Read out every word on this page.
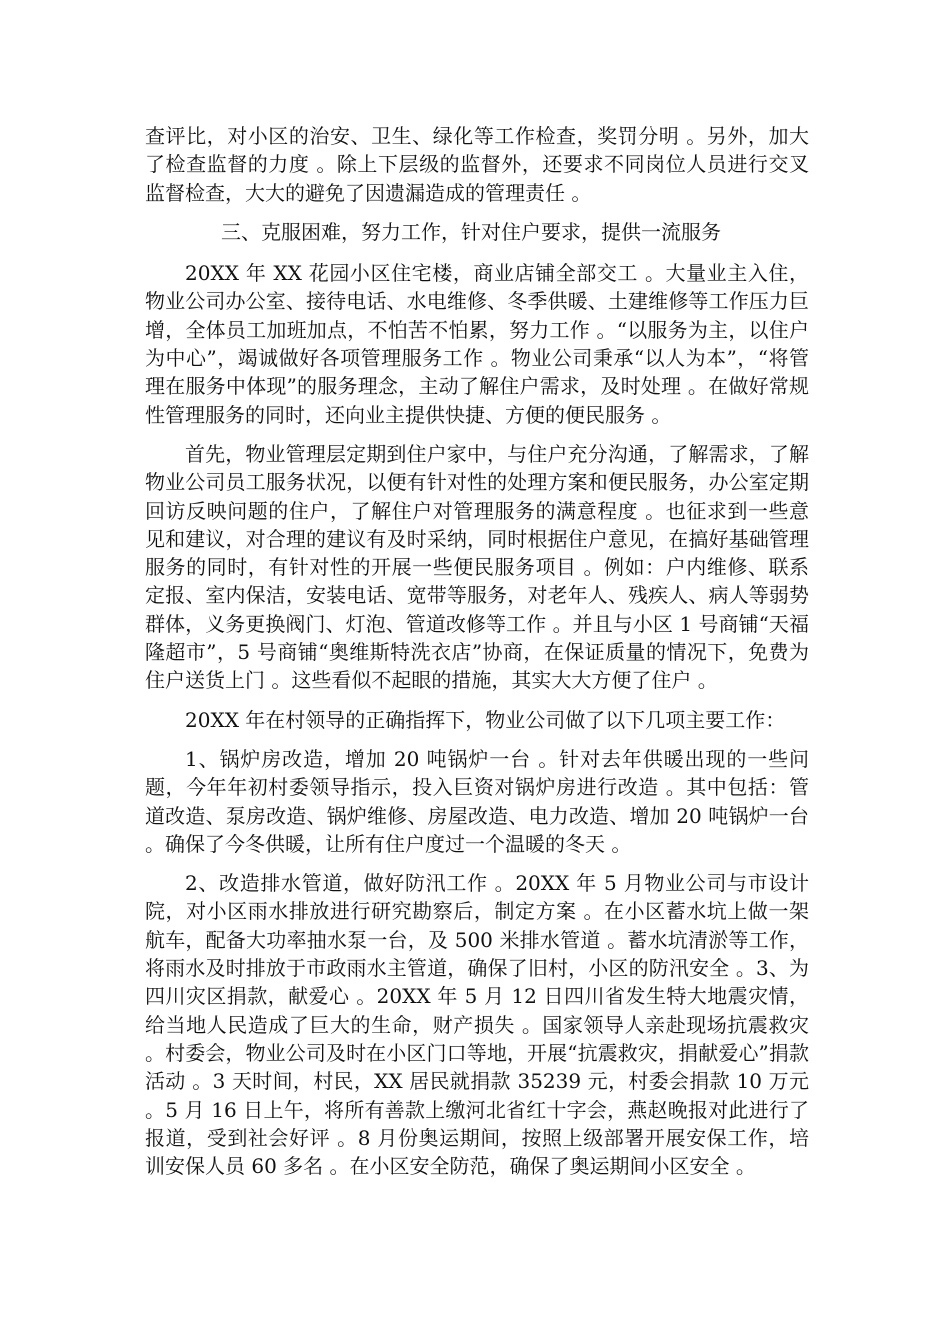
查评比，对小区的治安、卫生、绿化等工作检查，奖罚分明 。另外，加大了检查监督的力度 。除上下层级的监督外，还要求不同岗位人员进行交叉监督检查，大大的避免了因遗漏造成的管理责任 。

三、克服困难，努力工作，针对住户要求，提供一流服务

20XX 年 XX 花园小区住宅楼，商业店铺全部交工 。大量业主入住，物业公司办公室、接待电话、水电维修、冬季供暖、土建维修等工作压力巨增，全体员工加班加点，不怕苦不怕累，努力工作 。“以服务为主，以住户为中心”，竭诚做好各项管理服务工作 。物业公司秉承“以人为本”，“将管理在服务中体现”的服务理念，主动了解住户需求，及时处理 。在做好常规性管理服务的同时，还向业主提供快捷、方便的便民服务 。

首先，物业管理层定期到住户家中，与住户充分沟通，了解需求，了解物业公司员工服务状况，以便有针对性的处理方案和便民服务，办公室定期回访反映问题的住户，了解住户对管理服务的满意程度 。也征求到一些意见和建议，对合理的建议有及时采纳，同时根据住户意见，在搞好基础管理服务的同时，有针对性的开展一些便民服务项目 。例如：户内维修、联系定报、室内保洁，安装电话、宽带等服务，对老年人、残疾人、病人等弱势群体，义务更换阀门、灯泡、管道改修等工作 。并且与小区 1 号商铺“天福隆超市”，5 号商铺“奥维斯特洗衣店”协商，在保证质量的情况下，免费为住户送货上门 。这些看似不起眼的措施，其实大大方便了住户 。

20XX 年在村领导的正确指挥下，物业公司做了以下几项主要工作：

1、锅炉房改造，增加 20 吨锅炉一台 。针对去年供暖出现的一些问题，今年年初村委领导指示，投入巨资对锅炉房进行改造 。其中包括：管道改造、泵房改造、锅炉维修、房屋改造、电力改造、增加 20 吨锅炉一台 。确保了今冬供暖，让所有住户度过一个温暖的冬天 。

2、改造排水管道，做好防汛工作 。20XX 年 5 月物业公司与市设计院，对小区雨水排放进行研究勘察后，制定方案 。在小区蓄水坑上做一架航车，配备大功率抽水泵一台，及 500 米排水管道 。蓄水坑清淤等工作，将雨水及时排放于市政雨水主管道，确保了旧村，小区的防汛安全 。3、为四川灾区捐款，献爱心 。20XX 年 5 月 12 日四川省发生特大地震灾情，给当地人民造成了巨大的生命，财产损失 。国家领导人亲赴现场抗震救灾 。村委会，物业公司及时在小区门口等地，开展“抗震救灾，捐献爱心”捐款活动 。3 天时间，村民，XX 居民就捐款 35239 元，村委会捐款 10 万元 。5 月 16 日上午，将所有善款上缴河北省红十字会，燕赵晚报对此进行了报道，受到社会好评 。8 月份奥运期间，按照上级部署开展安保工作，培训安保人员 60 多名 。在小区安全防范，确保了奥运期间小区安全 。
